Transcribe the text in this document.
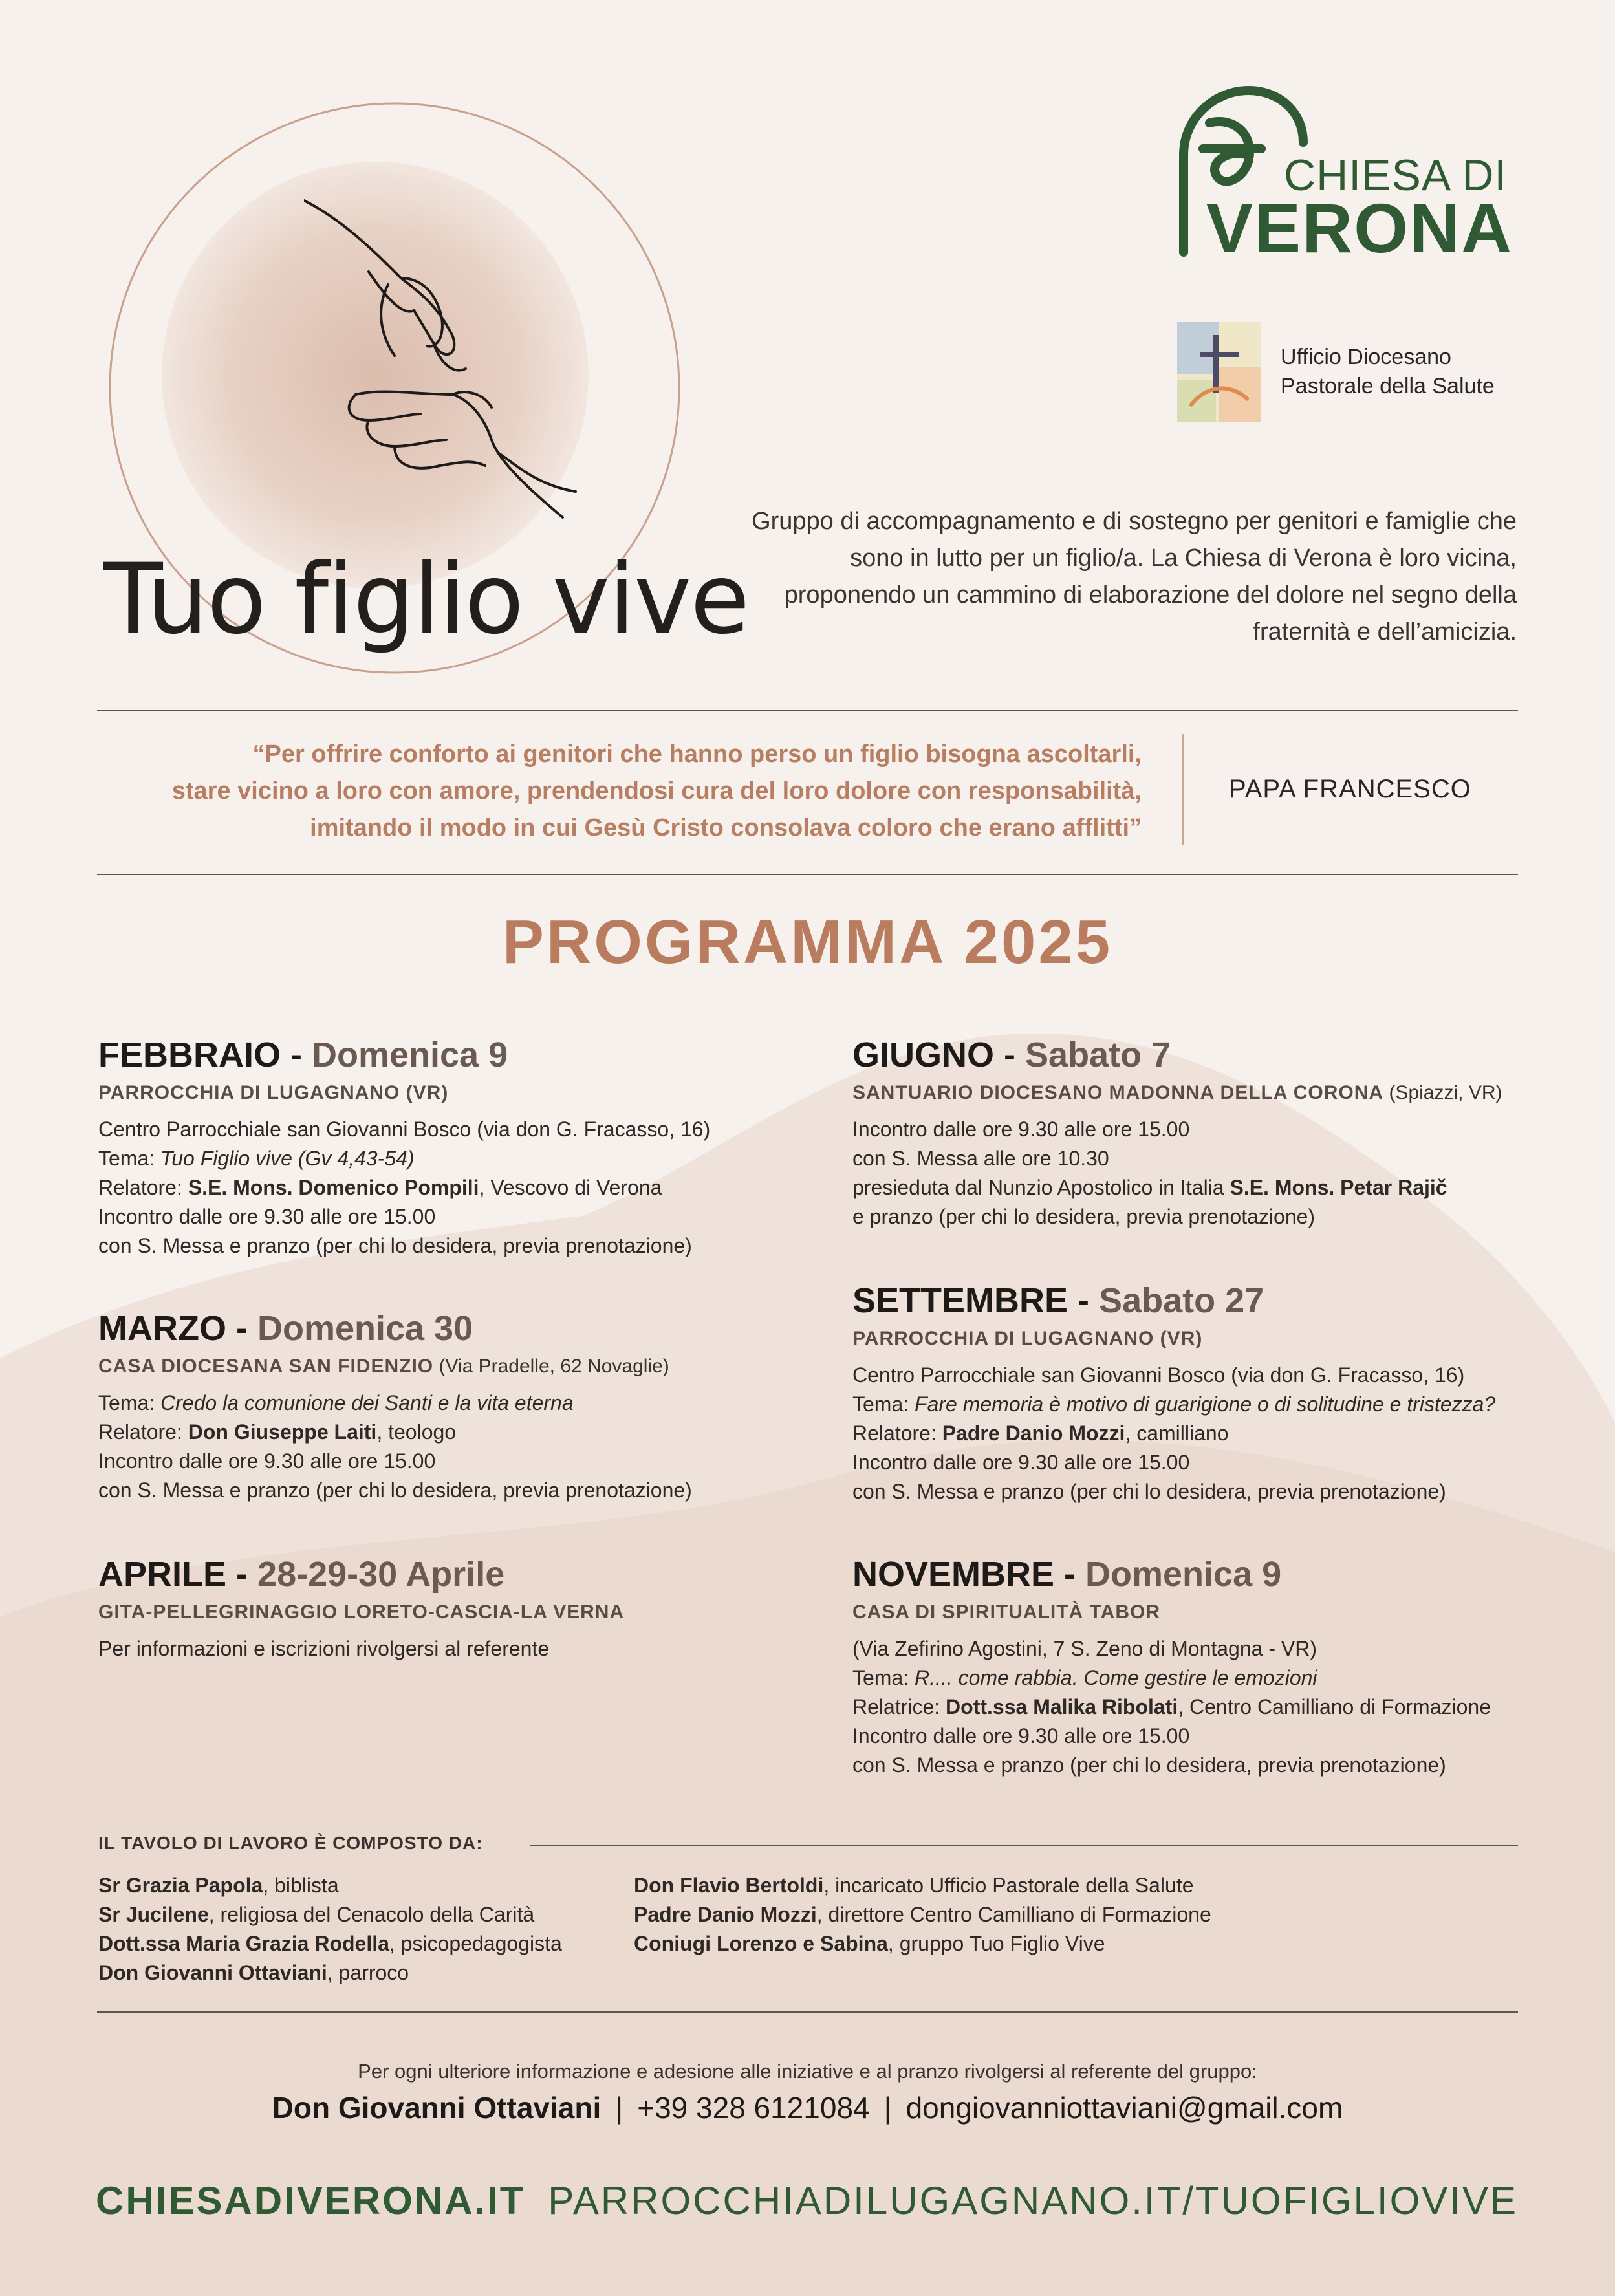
Tuo figlio vive
CHIESA DI
VERONA
Ufficio Diocesano
Pastorale della Salute
Gruppo di accompagnamento e di sostegno per genitori e famiglie che sono in lutto per un figlio/a. La Chiesa di Verona è loro vicina, proponendo un cammino di elaborazione del dolore nel segno della fraternità e dell’amicizia.
“Per offrire conforto ai genitori che hanno perso un figlio bisogna ascoltarli,
stare vicino a loro con amore, prendendosi cura del loro dolore con responsabilità,
imitando il modo in cui Gesù Cristo consolava coloro che erano afflitti”
PAPA FRANCESCO
PROGRAMMA 2025
FEBBRAIO - Domenica 9
PARROCCHIA DI LUGAGNANO (VR)
Centro Parrocchiale san Giovanni Bosco (via don G. Fracasso, 16)
Tema: Tuo Figlio vive (Gv 4,43-54)
Relatore: S.E. Mons. Domenico Pompili, Vescovo di Verona
Incontro dalle ore 9.30 alle ore 15.00
con S. Messa e pranzo (per chi lo desidera, previa prenotazione)
MARZO - Domenica 30
CASA DIOCESANA SAN FIDENZIO (Via Pradelle, 62 Novaglie)
Tema: Credo la comunione dei Santi e la vita eterna
Relatore: Don Giuseppe Laiti, teologo
Incontro dalle ore 9.30 alle ore 15.00
con S. Messa e pranzo (per chi lo desidera, previa prenotazione)
APRILE - 28-29-30 Aprile
GITA-PELLEGRINAGGIO LORETO-CASCIA-LA VERNA
Per informazioni e iscrizioni rivolgersi al referente
GIUGNO - Sabato 7
SANTUARIO DIOCESANO MADONNA DELLA CORONA (Spiazzi, VR)
Incontro dalle ore 9.30 alle ore 15.00
con S. Messa alle ore 10.30
presieduta dal Nunzio Apostolico in Italia S.E. Mons. Petar Rajič
e pranzo (per chi lo desidera, previa prenotazione)
SETTEMBRE - Sabato 27
PARROCCHIA DI LUGAGNANO (VR)
Centro Parrocchiale san Giovanni Bosco (via don G. Fracasso, 16)
Tema: Fare memoria è motivo di guarigione o di solitudine e tristezza?
Relatore: Padre Danio Mozzi, camilliano
Incontro dalle ore 9.30 alle ore 15.00
con S. Messa e pranzo (per chi lo desidera, previa prenotazione)
NOVEMBRE - Domenica 9
CASA DI SPIRITUALITÀ TABOR
(Via Zefirino Agostini, 7 S. Zeno di Montagna - VR)
Tema: R.... come rabbia. Come gestire le emozioni
Relatrice: Dott.ssa Malika Ribolati, Centro Camilliano di Formazione
Incontro dalle ore 9.30 alle ore 15.00
con S. Messa e pranzo (per chi lo desidera, previa prenotazione)
IL TAVOLO DI LAVORO È COMPOSTO DA:
Sr Grazia Papola, biblista
Sr Jucilene, religiosa del Cenacolo della Carità
Dott.ssa Maria Grazia Rodella, psicopedagogista
Don Giovanni Ottaviani, parroco
Don Flavio Bertoldi, incaricato Ufficio Pastorale della Salute
Padre Danio Mozzi, direttore Centro Camilliano di Formazione
Coniugi Lorenzo e Sabina, gruppo Tuo Figlio Vive
Per ogni ulteriore informazione e adesione alle iniziative e al pranzo rivolgersi al referente del gruppo:
Don Giovanni Ottaviani | +39 328 6121084 | dongiovanniottaviani@gmail.com
CHIESADIVERONA.IT PARROCCHIADILUGAGNANO.IT/TUOFIGLIOVIVE
